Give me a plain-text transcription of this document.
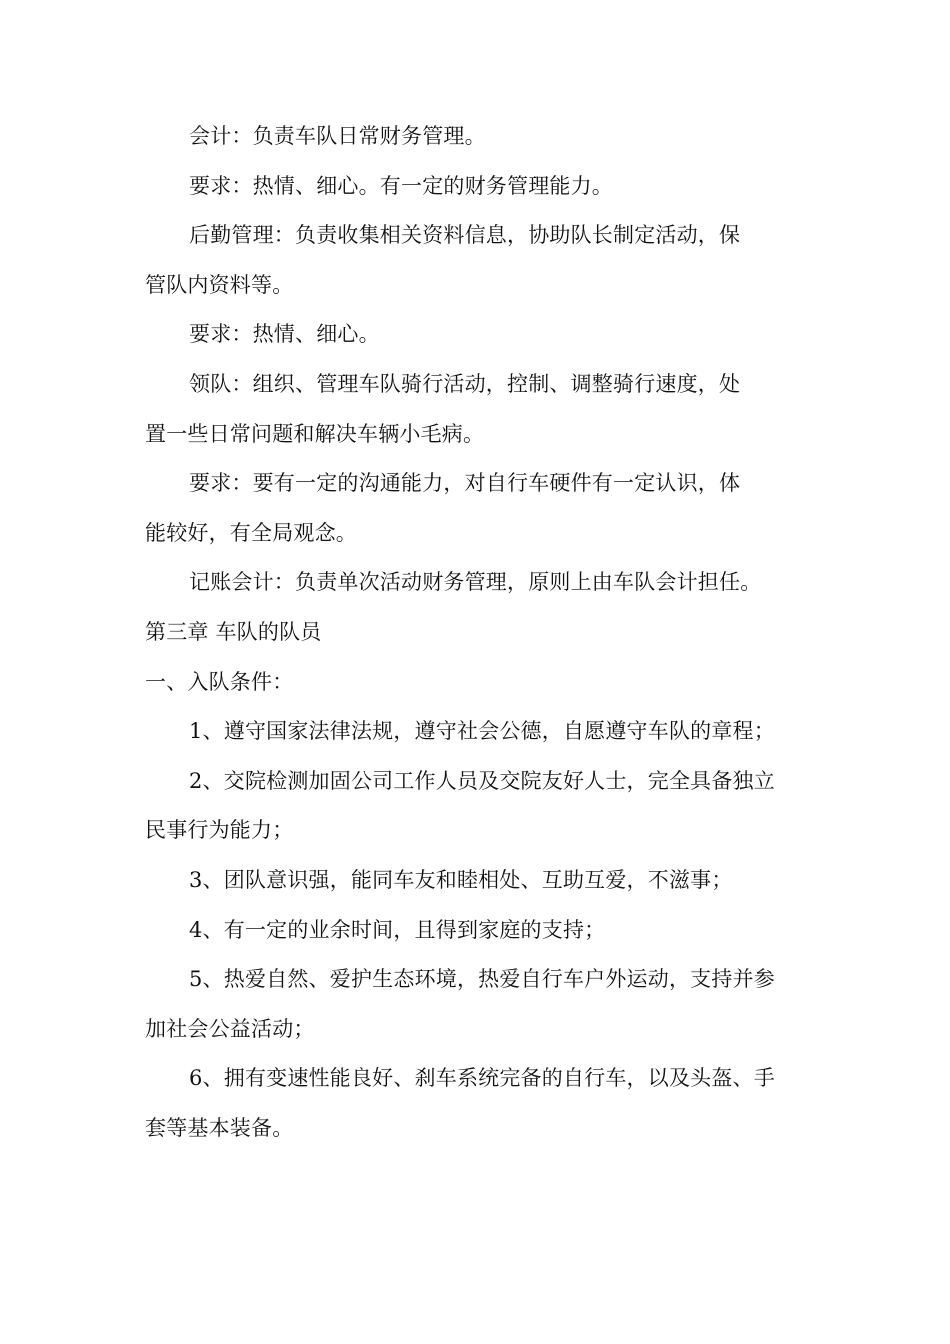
会计：负责车队日常财务管理。
要求：热情、细心。有一定的财务管理能力。
后勤管理：负责收集相关资料信息，协助队长制定活动，保
管队内资料等。
要求：热情、细心。
领队：组织、管理车队骑行活动，控制、调整骑行速度，处
置一些日常问题和解决车辆小毛病。
要求：要有一定的沟通能力，对自行车硬件有一定认识，体
能较好，有全局观念。
记账会计：负责单次活动财务管理，原则上由车队会计担任。
第三章 车队的队员
一、入队条件：
1、遵守国家法律法规，遵守社会公德，自愿遵守车队的章程；
2、交院检测加固公司工作人员及交院友好人士，完全具备独立
民事行为能力；
3、团队意识强，能同车友和睦相处、互助互爱，不滋事；
4、有一定的业余时间，且得到家庭的支持；
5、热爱自然、爱护生态环境，热爱自行车户外运动，支持并参
加社会公益活动；
6、拥有变速性能良好、刹车系统完备的自行车，以及头盔、手
套等基本装备。
